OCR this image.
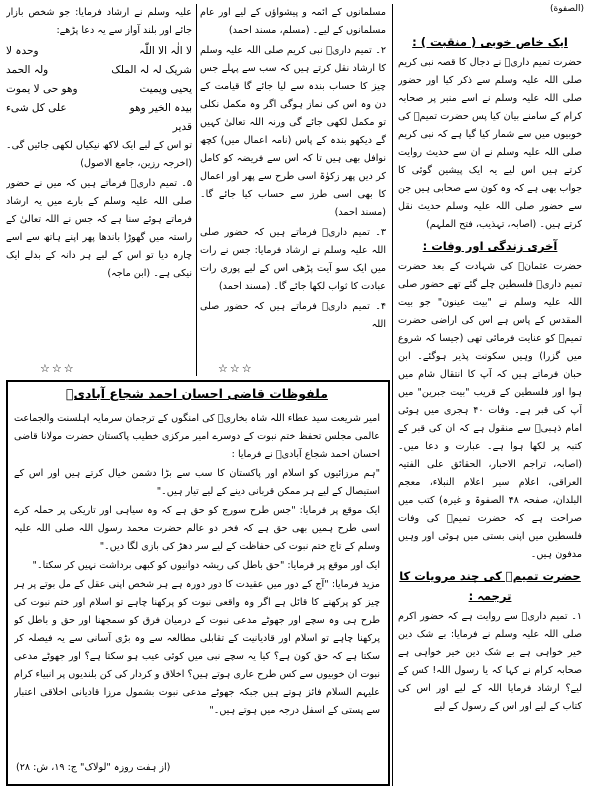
(الصفوة)
ایک خاص خوبی ( منقبت ) :

حضرت تمیم داریؓ نے دجال کا قصہ نبی کریم صلی اللہ علیہ وسلم سے ذکر کیا اور حضور صلی اللہ علیہ وسلم نے اسے منبر پر صحابہ کرام کے سامنے بیان کیا پس حضرت تمیمؓ کی خوبیوں میں سے شمار کیا گیا ہے کہ نبی کریم صلی اللہ علیہ وسلم نے ان سے حدیث روایت کرتے ہیں اس لیے یہ ایک پیشین گوئی کا جواب بھی ہے کہ وہ کون سے صحابی ہیں جن سے حضور صلی اللہ علیہ وسلم حدیث نقل کرتے ہیں۔ (اصابہ، تہذیب، فتح الملہم)

آخری زندگی اور وفات :

حضرت عثمانؓ کی شہادت کے بعد حضرت تمیم داریؓ فلسطین چلے گئے تھے حضور صلی اللہ علیہ وسلم نے "بیت عینون" جو بیت المقدس کے پاس ہے اس کی اراضی حضرت تمیمؓ کو عنایت فرمائی تھی (جیسا کہ شروع میں گزرا) وہیں سکونت پذیر ہوگئے۔ ابن حبان فرماتے ہیں کہ آپ کا انتقال شام میں ہوا اور فلسطین کے قریب "بیت جبرین" میں آپ کی قبر ہے۔ وفات ۴۰ ہجری میں ہوئی امام ذہبیؒ سے منقول ہے کہ ان کی قبر کے کتبہ پر لکھا ہوا ہے۔ عبارت و دعا میں۔ (اصابہ، تراجم الاحبار، الحقائق علی الفتیہ العراقی، اعلام سیر اعلام النبلاء، معجم البلدان، صفحہ ۴۸ الصفوۃ و غیرہ) کتب میں صراحت ہے کہ حضرت تمیمؓ کی وفات فلسطین میں اپنی بستی میں ہوئی اور وہیں مدفون ہیں۔

حضرت تمیمؓ کی چند مرویات کا ترجمہ :

۱۔ تمیم داریؓ سے روایت ہے کہ حضور اکرم صلی اللہ علیہ وسلم نے فرمایا: بے شک دین خیر خواہی ہے بے شک دین خیر خواہی ہے صحابہ کرام نے کہا کہ یا رسول اللہ! کس کے لیے؟ ارشاد فرمایا اللہ کے لیے اور اس کی کتاب کے لیے اور اس کے رسول کے لیے

مسلمانوں کے ائمہ و پیشواؤں کے لیے اور عام مسلمانوں کے لیے۔ (مسلم، مسند احمد)

۲۔ تمیم داریؓ نبی کریم صلی اللہ علیہ وسلم کا ارشاد نقل کرتے ہیں کہ سب سے پہلے جس چیز کا حساب بندہ سے لیا جائے گا قیامت کے دن وہ اس کی نماز ہوگی اگر وہ مکمل نکلی تو مکمل لکھی جائے گی ورنہ اللہ تعالیٰ کہیں گے دیکھو بندہ کے پاس (نامہ اعمال میں) کچھ نوافل بھی ہیں تا کہ اس سے فریضہ کو کامل کر دیں پھر زکوٰۃ اسی طرح سے پھر اور اعمال کا بھی اسی طرز سے حساب کیا جائے گا۔ (مسند احمد)

۳۔ تمیم داریؓ فرماتے ہیں کہ حضور صلی اللہ علیہ وسلم نے ارشاد فرمایا: جس نے رات میں ایک سو آیت پڑھی اس کے لیے پوری رات عبادت کا ثواب لکھا جائے گا۔ (مسند احمد)

۴۔ تمیم داریؓ فرماتے ہیں کہ حضور صلی اللہ

علیہ وسلم نے ارشاد فرمایا: جو شخص بازار جائے اور بلند آواز سے یہ دعا پڑھے:

لا الٰہ الا اللّٰہ
وحدہ لا
شریک لہ لہ الملک
ولہ الحمد
یحیی ویمیت
وھو حی لا یموت
بیدہ الخیر وھو
علی کل شیء
قدیر

تو اس کے لیے ایک لاکھ نیکیاں لکھی جائیں گی۔ (اخرجہ رزین، جامع الاصول)

۵۔ تمیم داریؓ فرماتے ہیں کہ میں نے حضور صلی اللہ علیہ وسلم کے بارے میں یہ ارشاد فرماتے ہوئے سنا ہے کہ جس نے اللہ تعالیٰ کے راستہ میں گھوڑا باندھا پھر اپنے ہاتھ سے اسے چارہ دیا تو اس کے لیے ہر دانہ کے بدلے ایک نیکی ہے۔ (ابن ماجہ)

☆☆☆	☆☆☆
ملفوظات قاضی احسان احمد شجاع آبادیؒ

امیر شریعت سید عطاء اللہ شاہ بخاریؒ کی امنگوں کے ترجمان سرمایہ اہلسنت والجماعت عالمی مجلس تحفظ ختم نبوت کے دوسرے امیر مرکزی خطیب پاکستان حضرت مولانا قاضی احسان احمد شجاع آبادیؒ نے فرمایا :

"ہم مرزائیوں کو اسلام اور پاکستان کا سب سے بڑا دشمن خیال کرتے ہیں اور اس کے استیصال کے لیے ہر ممکن قربانی دینے کے لیے تیار ہیں۔"

ایک موقع پر فرمایا: "جس طرح سورج کو حق ہے کہ وہ سیاہی اور تاریکی پر حملہ کرے اسی طرح ہمیں بھی حق ہے کہ فخر دو عالم حضرت محمد رسول اللہ صلی اللہ علیہ وسلم کے تاج ختم نبوت کی حفاظت کے لیے سر دھڑ کی بازی لگا دیں۔"

ایک اور موقع پر فرمایا: "حق باطل کی ریشہ دوانیوں کو کبھی برداشت نہیں کر سکتا۔"

مزید فرمایا: "آج کے دور میں عقیدت کا دور دورہ ہے ہر شخص اپنی عقل کے مل بوتے پر ہر چیز کو پرکھنے کا قائل ہے اگر وہ واقعی نبوت کو پرکھنا چاہے تو اسلام اور ختم نبوت کی طرح ہی وہ سچے اور جھوٹے مدعی نبوت کے درمیان فرق کو سمجھنا اور حق و باطل کو پرکھنا چاہے تو اسلام اور قادیانیت کے تقابلی مطالعہ سے وہ بڑی آسانی سے یہ فیصلہ کر سکتا ہے کہ حق کون ہے؟ کیا یہ سچے نبی میں کوئی عیب ہو سکتا ہے؟ اور جھوٹے مدعی نبوت ان خوبیوں سے کس طرح عاری ہوتے ہیں؟ اخلاق و کردار کی کن بلندیوں پر انبیاء کرام علیہم السلام فائز ہوتے ہیں جبکہ جھوٹے مدعی نبوت بشمول مرزا قادیانی اخلاقی اعتبار سے پستی کے اسفل درجہ میں ہوتے ہیں۔"

(از ہفت روزہ "لولاک" ج: ۱۹، ش: ۲۸)
